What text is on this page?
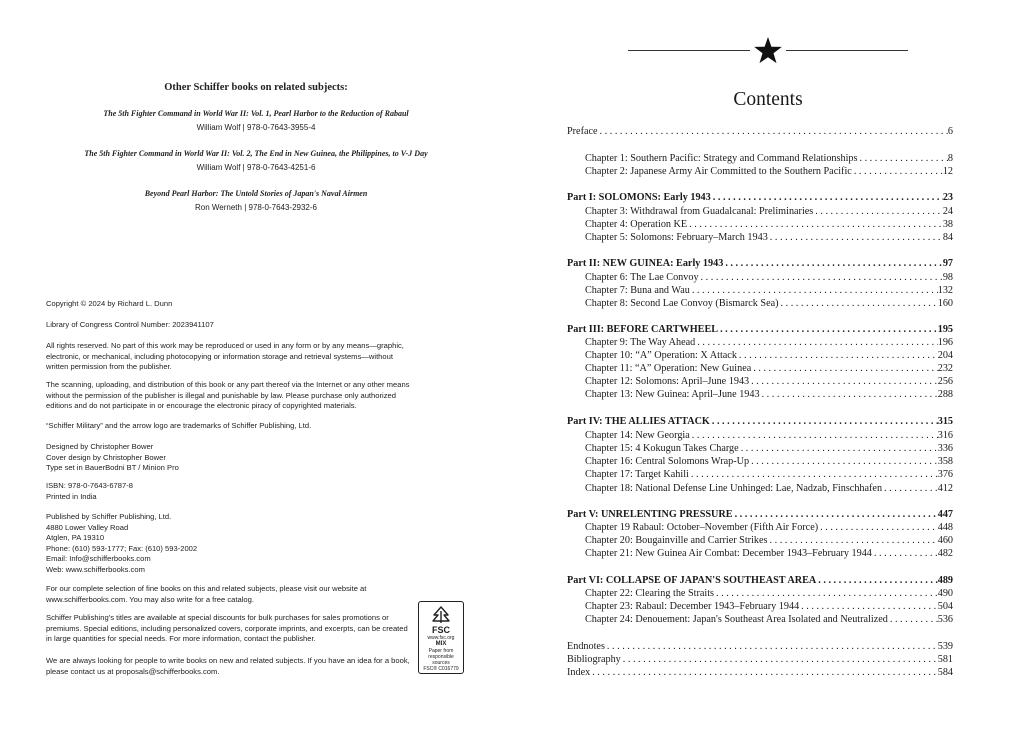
Other Schiffer books on related subjects:
The 5th Fighter Command in World War II: Vol. 1, Pearl Harbor to the Reduction of Rabaul
William Wolf | 978-0-7643-3955-4
The 5th Fighter Command in World War II: Vol. 2, The End in New Guinea, the Philippines, to V-J Day
William Wolf | 978-0-7643-4251-6
Beyond Pearl Harbor: The Untold Stories of Japan's Naval Airmen
Ron Werneth | 978-0-7643-2932-6

Copyright © 2024 by Richard L. Dunn

Library of Congress Control Number: 2023941107

All rights reserved. No part of this work may be reproduced or used in any form or by any means—graphic, electronic, or mechanical, including photocopying or information storage and retrieval systems—without written permission from the publisher.

The scanning, uploading, and distribution of this book or any part thereof via the Internet or any other means without the permission of the publisher is illegal and punishable by law. Please purchase only authorized editions and do not participate in or encourage the electronic piracy of copyrighted materials.

“Schiffer Military” and the arrow logo are trademarks of Schiffer Publishing, Ltd.

Designed by Christopher Bower

Cover design by Christopher Bower

Type set in BauerBodni BT / Minion Pro

ISBN: 978-0-7643-6787-8

Printed in India

Published by Schiffer Publishing, Ltd.

4880 Lower Valley Road

Atglen, PA 19310

Phone: (610) 593-1777; Fax: (610) 593-2002

Email: Info@schifferbooks.com

Web: www.schifferbooks.com

For our complete selection of fine books on this and related subjects, please visit our website at www.schifferbooks.com. You may also write for a free catalog.

Schiffer Publishing's titles are available at special discounts for bulk purchases for sales promotions or premiums. Special editions, including personalized covers, corporate imprints, and excerpts, can be created in large quantities for special needs. For more information, contact the publisher.

We are always looking for people to write books on new and related subjects. If you have an idea for a book, please contact us at proposals@schifferbooks.com.

FSC
www.fsc.org
MIX
Paper from
responsible sources
FSC® C016779
Contents
Preface . . .	6
Chapter 1: Southern Pacific: Strategy and Command Relationships . . .	8
Chapter 2: Japanese Army Air Committed to the Southern Pacific . . .	12
Part I: SOLOMONS: Early 1943 . . .	23
Chapter 3: Withdrawal from Guadalcanal: Preliminaries . . .	24
Chapter 4: Operation KE . . .	38
Chapter 5: Solomons: February–March 1943 . . .	84
Part II: NEW GUINEA: Early 1943 . . .	97
Chapter 6: The Lae Convoy . . .	98
Chapter 7: Buna and Wau . . .	132
Chapter 8: Second Lae Convoy (Bismarck Sea) . . .	160
Part III: BEFORE CARTWHEEL . . .	195
Chapter 9: The Way Ahead . . .	196
Chapter 10: “A” Operation: X Attack . . .	204
Chapter 11: “A” Operation: New Guinea . . .	232
Chapter 12: Solomons: April–June 1943 . . .	256
Chapter 13: New Guinea: April–June 1943 . . .	288
Part IV: THE ALLIES ATTACK . . .	315
Chapter 14: New Georgia . . .	316
Chapter 15: 4 Kokugun Takes Charge . . .	336
Chapter 16: Central Solomons Wrap-Up . . .	358
Chapter 17: Target Kahili . . .	376
Chapter 18: National Defense Line Unhinged: Lae, Nadzab, Finschhafen . . .	412
Part V: UNRELENTING PRESSURE . . .	447
Chapter 19 Rabaul: October–November (Fifth Air Force) . . .	448
Chapter 20: Bougainville and Carrier Strikes . . .	460
Chapter 21: New Guinea Air Combat: December 1943–February 1944 . . .	482
Part VI: COLLAPSE OF JAPAN'S SOUTHEAST AREA . . .	489
Chapter 22: Clearing the Straits . . .	490
Chapter 23: Rabaul: December 1943–February 1944 . . .	504
Chapter 24: Denouement: Japan's Southeast Area Isolated and Neutralized . . .	536
Endnotes . . .	539
Bibliography . . .	581
Index . . .	584
